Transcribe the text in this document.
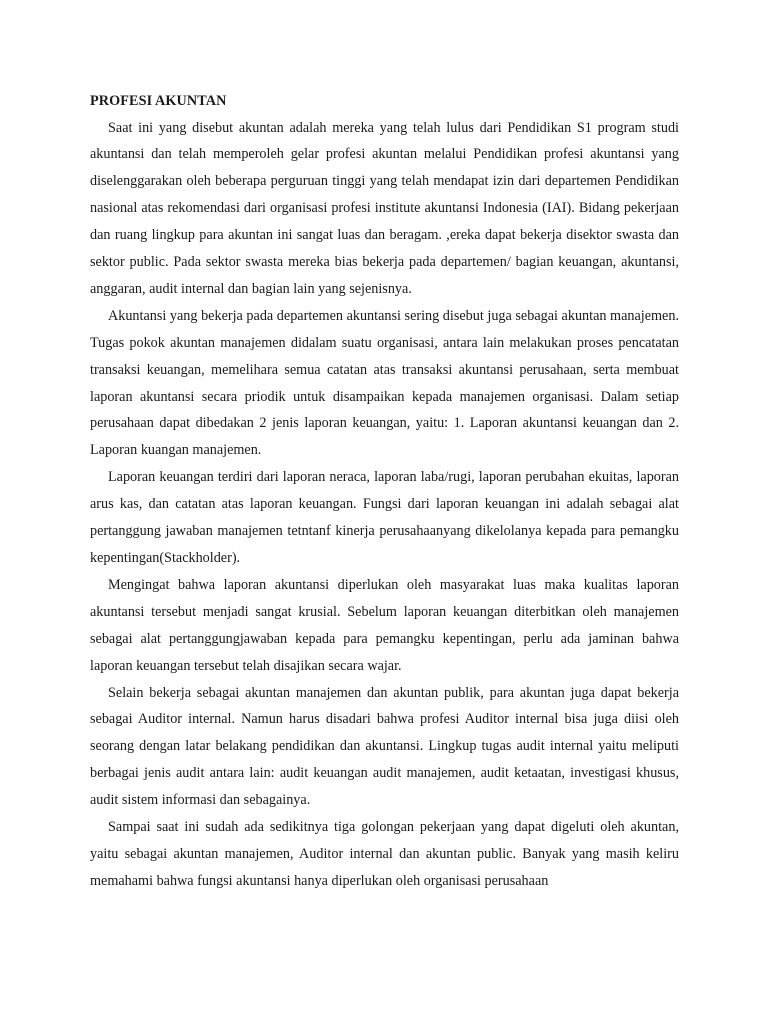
PROFESI AKUNTAN

Saat ini yang disebut akuntan adalah mereka yang telah lulus dari Pendidikan S1 program studi akuntansi dan telah memperoleh gelar profesi akuntan melalui Pendidikan profesi akuntansi yang diselenggarakan oleh beberapa perguruan tinggi yang telah mendapat izin dari departemen Pendidikan nasional atas rekomendasi dari organisasi profesi institute akuntansi Indonesia (IAI). Bidang pekerjaan dan ruang lingkup para akuntan ini sangat luas dan beragam. ,ereka dapat bekerja disektor swasta dan sektor public. Pada sektor swasta mereka bias bekerja pada departemen/ bagian keuangan, akuntansi, anggaran, audit internal dan bagian lain yang sejenisnya.

Akuntansi yang bekerja pada departemen akuntansi sering disebut juga sebagai akuntan manajemen. Tugas pokok akuntan manajemen didalam suatu organisasi, antara lain melakukan proses pencatatan transaksi keuangan, memelihara semua catatan atas transaksi akuntansi perusahaan, serta membuat laporan akuntansi secara priodik untuk disampaikan kepada manajemen organisasi. Dalam setiap perusahaan dapat dibedakan 2 jenis laporan keuangan, yaitu: 1. Laporan akuntansi keuangan dan 2. Laporan kuangan manajemen.

Laporan keuangan terdiri dari laporan neraca, laporan laba/rugi, laporan perubahan ekuitas, laporan arus kas, dan catatan atas laporan keuangan. Fungsi dari laporan keuangan ini adalah sebagai alat pertanggung jawaban manajemen tetntanf kinerja perusahaanyang dikelolanya kepada para pemangku kepentingan(Stackholder).

Mengingat bahwa laporan akuntansi diperlukan oleh masyarakat luas maka kualitas laporan akuntansi tersebut menjadi sangat krusial. Sebelum laporan keuangan diterbitkan oleh manajemen sebagai alat pertanggungjawaban kepada para pemangku kepentingan, perlu ada jaminan bahwa laporan keuangan tersebut telah disajikan secara wajar.

Selain bekerja sebagai akuntan manajemen dan akuntan publik, para akuntan juga dapat bekerja sebagai Auditor internal. Namun harus disadari bahwa profesi Auditor internal bisa juga diisi oleh seorang dengan latar belakang pendidikan dan akuntansi. Lingkup tugas audit internal yaitu meliputi berbagai jenis audit antara lain: audit keuangan audit manajemen, audit ketaatan, investigasi khusus, audit sistem informasi dan sebagainya.

Sampai saat ini sudah ada sedikitnya tiga golongan pekerjaan yang dapat digeluti oleh akuntan, yaitu sebagai akuntan manajemen, Auditor internal dan akuntan public. Banyak yang masih keliru memahami bahwa fungsi akuntansi hanya diperlukan oleh organisasi perusahaan
